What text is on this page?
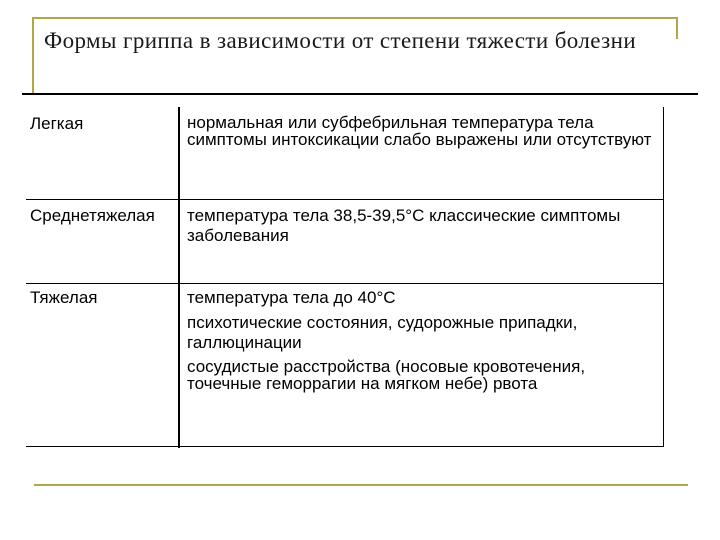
Формы гриппа в зависимости от степени тяжести болезни
Легкая	нормальная или субфебрильная температура тела симптомы интоксикации слабо выражены или отсутствуют
Среднетяжелая	температура тела 38,5-39,5°С классические симптомы заболевания
Тяжелая	температура тела до 40°С

психотические состояния, судорожные припадки, галлюцинации

сосудистые расстройства (носовые кровотечения, точечные геморрагии на мягком небе) рвота
